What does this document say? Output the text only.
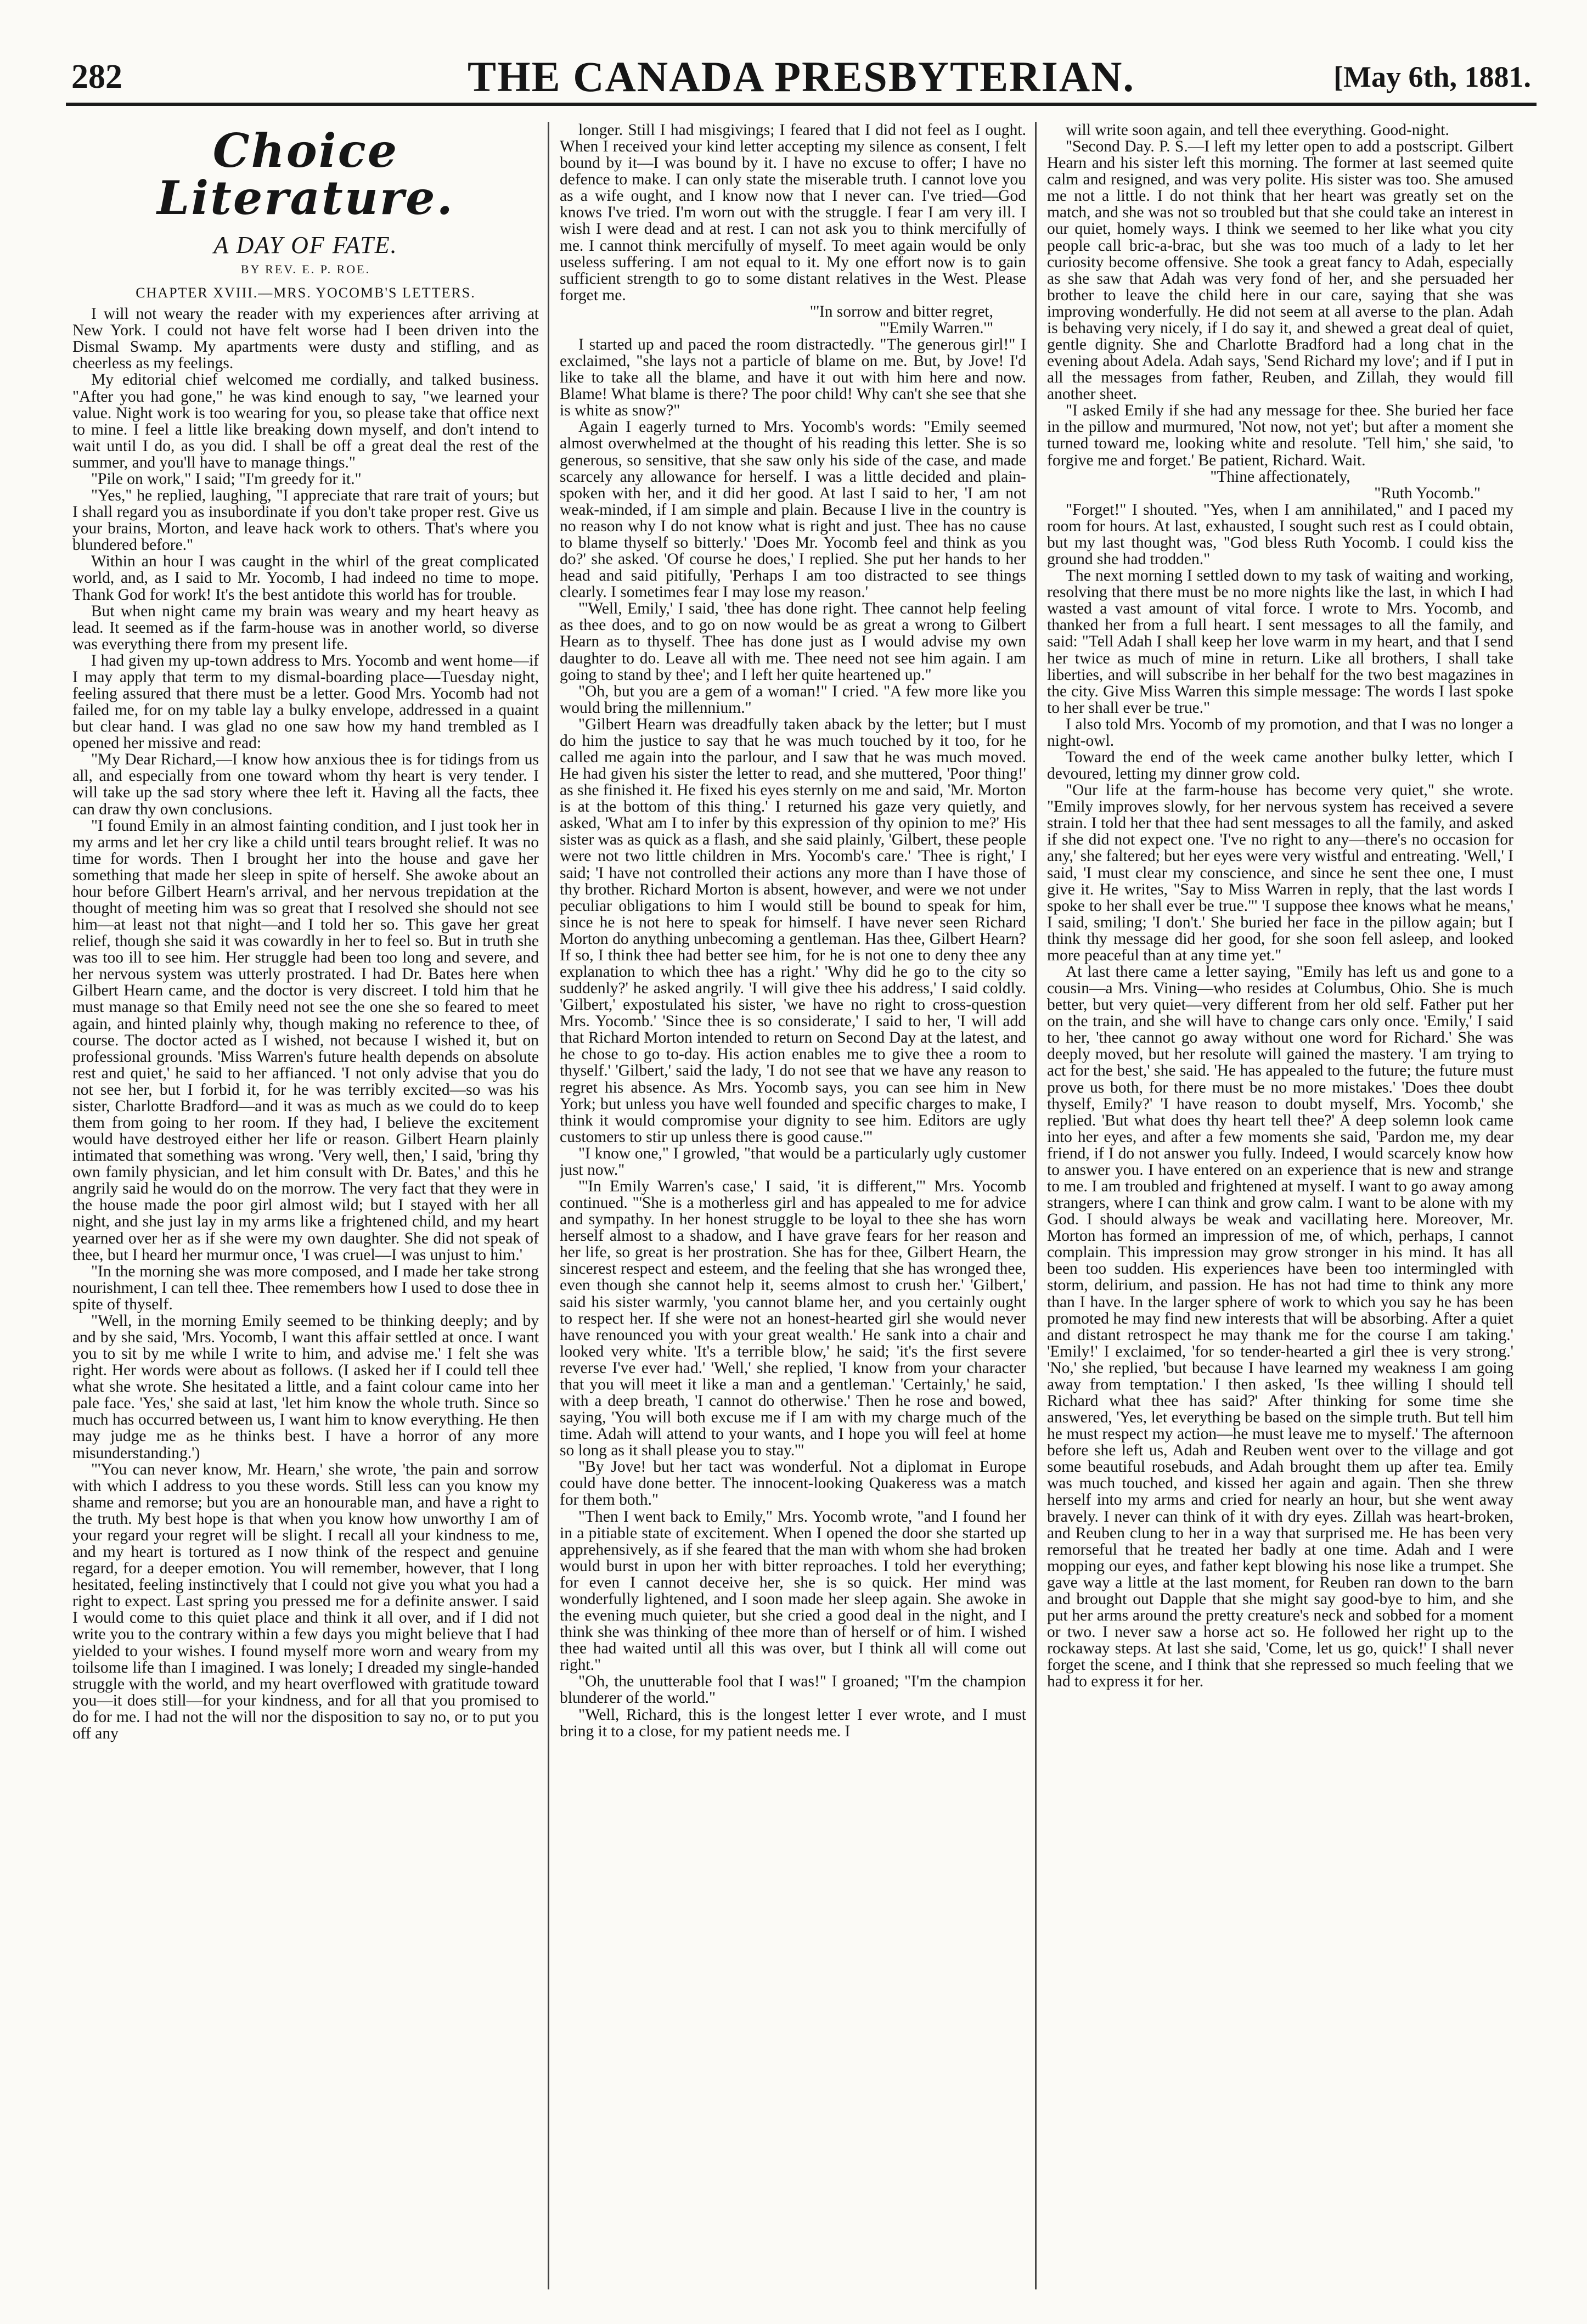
282	THE CANADA PRESBYTERIAN.	[May 6th, 1881.
Choice Literature.
A DAY OF FATE.
BY REV. E. P. ROE.
CHAPTER XVIII.—MRS. YOCOMB'S LETTERS.

I will not weary the reader with my experiences after arriving at New York. I could not have felt worse had I been driven into the Dismal Swamp. My apartments were dusty and stifling, and as cheerless as my feelings.

My editorial chief welcomed me cordially, and talked business. "After you had gone," he was kind enough to say, "we learned your value. Night work is too wearing for you, so please take that office next to mine. I feel a little like breaking down myself, and don't intend to wait until I do, as you did. I shall be off a great deal the rest of the summer, and you'll have to manage things."

"Pile on work," I said; "I'm greedy for it."

"Yes," he replied, laughing, "I appreciate that rare trait of yours; but I shall regard you as insubordinate if you don't take proper rest. Give us your brains, Morton, and leave hack work to others. That's where you blundered before."

Within an hour I was caught in the whirl of the great complicated world, and, as I said to Mr. Yocomb, I had indeed no time to mope. Thank God for work! It's the best antidote this world has for trouble.

But when night came my brain was weary and my heart heavy as lead. It seemed as if the farm-house was in another world, so diverse was everything there from my present life.

I had given my up-town address to Mrs. Yocomb and went home—if I may apply that term to my dismal-boarding place—Tuesday night, feeling assured that there must be a letter. Good Mrs. Yocomb had not failed me, for on my table lay a bulky envelope, addressed in a quaint but clear hand. I was glad no one saw how my hand trembled as I opened her missive and read:

"My Dear Richard,—I know how anxious thee is for tidings from us all, and especially from one toward whom thy heart is very tender. I will take up the sad story where thee left it. Having all the facts, thee can draw thy own conclusions.

"I found Emily in an almost fainting condition, and I just took her in my arms and let her cry like a child until tears brought relief. It was no time for words. Then I brought her into the house and gave her something that made her sleep in spite of herself. She awoke about an hour before Gilbert Hearn's arrival, and her nervous trepidation at the thought of meeting him was so great that I resolved she should not see him—at least not that night—and I told her so. This gave her great relief, though she said it was cowardly in her to feel so. But in truth she was too ill to see him. Her struggle had been too long and severe, and her nervous system was utterly prostrated. I had Dr. Bates here when Gilbert Hearn came, and the doctor is very discreet. I told him that he must manage so that Emily need not see the one she so feared to meet again, and hinted plainly why, though making no reference to thee, of course. The doctor acted as I wished, not because I wished it, but on professional grounds. 'Miss Warren's future health depends on absolute rest and quiet,' he said to her affianced. 'I not only advise that you do not see her, but I forbid it, for he was terribly excited—so was his sister, Charlotte Bradford—and it was as much as we could do to keep them from going to her room. If they had, I believe the excitement would have destroyed either her life or reason. Gilbert Hearn plainly intimated that something was wrong. 'Very well, then,' I said, 'bring thy own family physician, and let him consult with Dr. Bates,' and this he angrily said he would do on the morrow. The very fact that they were in the house made the poor girl almost wild; but I stayed with her all night, and she just lay in my arms like a frightened child, and my heart yearned over her as if she were my own daughter. She did not speak of thee, but I heard her murmur once, 'I was cruel—I was unjust to him.'

"In the morning she was more composed, and I made her take strong nourishment, I can tell thee. Thee remembers how I used to dose thee in spite of thyself.

"Well, in the morning Emily seemed to be thinking deeply; and by and by she said, 'Mrs. Yocomb, I want this affair settled at once. I want you to sit by me while I write to him, and advise me.' I felt she was right. Her words were about as follows. (I asked her if I could tell thee what she wrote. She hesitated a little, and a faint colour came into her pale face. 'Yes,' she said at last, 'let him know the whole truth. Since so much has occurred between us, I want him to know everything. He then may judge me as he thinks best. I have a horror of any more misunderstanding.')

"'You can never know, Mr. Hearn,' she wrote, 'the pain and sorrow with which I address to you these words. Still less can you know my shame and remorse; but you are an honourable man, and have a right to the truth. My best hope is that when you know how unworthy I am of your regard your regret will be slight. I recall all your kindness to me, and my heart is tortured as I now think of the respect and genuine regard, for a deeper emotion. You will remember, however, that I long hesitated, feeling instinctively that I could not give you what you had a right to expect. Last spring you pressed me for a definite answer. I said I would come to this quiet place and think it all over, and if I did not write you to the contrary within a few days you might believe that I had yielded to your wishes. I found myself more worn and weary from my toilsome life than I imagined. I was lonely; I dreaded my single-handed struggle with the world, and my heart overflowed with gratitude toward you—it does still—for your kindness, and for all that you promised to do for me. I had not the will nor the disposition to say no, or to put you off any

longer. Still I had misgivings; I feared that I did not feel as I ought. When I received your kind letter accepting my silence as consent, I felt bound by it—I was bound by it. I have no excuse to offer; I have no defence to make. I can only state the miserable truth. I cannot love you as a wife ought, and I know now that I never can. I've tried—God knows I've tried. I'm worn out with the struggle. I fear I am very ill. I wish I were dead and at rest. I can not ask you to think mercifully of me. I cannot think mercifully of myself. To meet again would be only useless suffering. I am not equal to it. My one effort now is to gain sufficient strength to go to some distant relatives in the West. Please forget me.

"'In sorrow and bitter regret,

"'Emily Warren.'"

I started up and paced the room distractedly. "The generous girl!" I exclaimed, "she lays not a particle of blame on me. But, by Jove! I'd like to take all the blame, and have it out with him here and now. Blame! What blame is there? The poor child! Why can't she see that she is white as snow?"

Again I eagerly turned to Mrs. Yocomb's words: "Emily seemed almost overwhelmed at the thought of his reading this letter. She is so generous, so sensitive, that she saw only his side of the case, and made scarcely any allowance for herself. I was a little decided and plain-spoken with her, and it did her good. At last I said to her, 'I am not weak-minded, if I am simple and plain. Because I live in the country is no reason why I do not know what is right and just. Thee has no cause to blame thyself so bitterly.' 'Does Mr. Yocomb feel and think as you do?' she asked. 'Of course he does,' I replied. She put her hands to her head and said pitifully, 'Perhaps I am too distracted to see things clearly. I sometimes fear I may lose my reason.'

"'Well, Emily,' I said, 'thee has done right. Thee cannot help feeling as thee does, and to go on now would be as great a wrong to Gilbert Hearn as to thyself. Thee has done just as I would advise my own daughter to do. Leave all with me. Thee need not see him again. I am going to stand by thee'; and I left her quite heartened up."

"Oh, but you are a gem of a woman!" I cried. "A few more like you would bring the millennium."

"Gilbert Hearn was dreadfully taken aback by the letter; but I must do him the justice to say that he was much touched by it too, for he called me again into the parlour, and I saw that he was much moved. He had given his sister the letter to read, and she muttered, 'Poor thing!' as she finished it. He fixed his eyes sternly on me and said, 'Mr. Morton is at the bottom of this thing.' I returned his gaze very quietly, and asked, 'What am I to infer by this expression of thy opinion to me?' His sister was as quick as a flash, and she said plainly, 'Gilbert, these people were not two little children in Mrs. Yocomb's care.' 'Thee is right,' I said; 'I have not controlled their actions any more than I have those of thy brother. Richard Morton is absent, however, and were we not under peculiar obligations to him I would still be bound to speak for him, since he is not here to speak for himself. I have never seen Richard Morton do anything unbecoming a gentleman. Has thee, Gilbert Hearn? If so, I think thee had better see him, for he is not one to deny thee any explanation to which thee has a right.' 'Why did he go to the city so suddenly?' he asked angrily. 'I will give thee his address,' I said coldly. 'Gilbert,' expostulated his sister, 'we have no right to cross-question Mrs. Yocomb.' 'Since thee is so considerate,' I said to her, 'I will add that Richard Morton intended to return on Second Day at the latest, and he chose to go to-day. His action enables me to give thee a room to thyself.' 'Gilbert,' said the lady, 'I do not see that we have any reason to regret his absence. As Mrs. Yocomb says, you can see him in New York; but unless you have well founded and specific charges to make, I think it would compromise your dignity to see him. Editors are ugly customers to stir up unless there is good cause.'"

"I know one," I growled, "that would be a particularly ugly customer just now."

"'In Emily Warren's case,' I said, 'it is different,'" Mrs. Yocomb continued. "'She is a motherless girl and has appealed to me for advice and sympathy. In her honest struggle to be loyal to thee she has worn herself almost to a shadow, and I have grave fears for her reason and her life, so great is her prostration. She has for thee, Gilbert Hearn, the sincerest respect and esteem, and the feeling that she has wronged thee, even though she cannot help it, seems almost to crush her.' 'Gilbert,' said his sister warmly, 'you cannot blame her, and you certainly ought to respect her. If she were not an honest-hearted girl she would never have renounced you with your great wealth.' He sank into a chair and looked very white. 'It's a terrible blow,' he said; 'it's the first severe reverse I've ever had.' 'Well,' she replied, 'I know from your character that you will meet it like a man and a gentleman.' 'Certainly,' he said, with a deep breath, 'I cannot do otherwise.' Then he rose and bowed, saying, 'You will both excuse me if I am with my charge much of the time. Adah will attend to your wants, and I hope you will feel at home so long as it shall please you to stay.'"

"By Jove! but her tact was wonderful. Not a diplomat in Europe could have done better. The innocent-looking Quakeress was a match for them both."

"Then I went back to Emily," Mrs. Yocomb wrote, "and I found her in a pitiable state of excitement. When I opened the door she started up apprehensively, as if she feared that the man with whom she had broken would burst in upon her with bitter reproaches. I told her everything; for even I cannot deceive her, she is so quick. Her mind was wonderfully lightened, and I soon made her sleep again. She awoke in the evening much quieter, but she cried a good deal in the night, and I think she was thinking of thee more than of herself or of him. I wished thee had waited until all this was over, but I think all will come out right."

"Oh, the unutterable fool that I was!" I groaned; "I'm the champion blunderer of the world."

"Well, Richard, this is the longest letter I ever wrote, and I must bring it to a close, for my patient needs me. I

will write soon again, and tell thee everything. Good-night.

"Second Day. P. S.—I left my letter open to add a postscript. Gilbert Hearn and his sister left this morning. The former at last seemed quite calm and resigned, and was very polite. His sister was too. She amused me not a little. I do not think that her heart was greatly set on the match, and she was not so troubled but that she could take an interest in our quiet, homely ways. I think we seemed to her like what you city people call bric-a-brac, but she was too much of a lady to let her curiosity become offensive. She took a great fancy to Adah, especially as she saw that Adah was very fond of her, and she persuaded her brother to leave the child here in our care, saying that she was improving wonderfully. He did not seem at all averse to the plan. Adah is behaving very nicely, if I do say it, and shewed a great deal of quiet, gentle dignity. She and Charlotte Bradford had a long chat in the evening about Adela. Adah says, 'Send Richard my love'; and if I put in all the messages from father, Reuben, and Zillah, they would fill another sheet.

"I asked Emily if she had any message for thee. She buried her face in the pillow and murmured, 'Not now, not yet'; but after a moment she turned toward me, looking white and resolute. 'Tell him,' she said, 'to forgive me and forget.' Be patient, Richard. Wait.

"Thine affectionately,

"Ruth Yocomb."

"Forget!" I shouted. "Yes, when I am annihilated," and I paced my room for hours. At last, exhausted, I sought such rest as I could obtain, but my last thought was, "God bless Ruth Yocomb. I could kiss the ground she had trodden."

The next morning I settled down to my task of waiting and working, resolving that there must be no more nights like the last, in which I had wasted a vast amount of vital force. I wrote to Mrs. Yocomb, and thanked her from a full heart. I sent messages to all the family, and said: "Tell Adah I shall keep her love warm in my heart, and that I send her twice as much of mine in return. Like all brothers, I shall take liberties, and will subscribe in her behalf for the two best magazines in the city. Give Miss Warren this simple message: The words I last spoke to her shall ever be true."

I also told Mrs. Yocomb of my promotion, and that I was no longer a night-owl.

Toward the end of the week came another bulky letter, which I devoured, letting my dinner grow cold.

"Our life at the farm-house has become very quiet," she wrote. "Emily improves slowly, for her nervous system has received a severe strain. I told her that thee had sent messages to all the family, and asked if she did not expect one. 'I've no right to any—there's no occasion for any,' she faltered; but her eyes were very wistful and entreating. 'Well,' I said, 'I must clear my conscience, and since he sent thee one, I must give it. He writes, "Say to Miss Warren in reply, that the last words I spoke to her shall ever be true."' 'I suppose thee knows what he means,' I said, smiling; 'I don't.' She buried her face in the pillow again; but I think thy message did her good, for she soon fell asleep, and looked more peaceful than at any time yet."

At last there came a letter saying, "Emily has left us and gone to a cousin—a Mrs. Vining—who resides at Columbus, Ohio. She is much better, but very quiet—very different from her old self. Father put her on the train, and she will have to change cars only once. 'Emily,' I said to her, 'thee cannot go away without one word for Richard.' She was deeply moved, but her resolute will gained the mastery. 'I am trying to act for the best,' she said. 'He has appealed to the future; the future must prove us both, for there must be no more mistakes.' 'Does thee doubt thyself, Emily?' 'I have reason to doubt myself, Mrs. Yocomb,' she replied. 'But what does thy heart tell thee?' A deep solemn look came into her eyes, and after a few moments she said, 'Pardon me, my dear friend, if I do not answer you fully. Indeed, I would scarcely know how to answer you. I have entered on an experience that is new and strange to me. I am troubled and frightened at myself. I want to go away among strangers, where I can think and grow calm. I want to be alone with my God. I should always be weak and vacillating here. Moreover, Mr. Morton has formed an impression of me, of which, perhaps, I cannot complain. This impression may grow stronger in his mind. It has all been too sudden. His experiences have been too intermingled with storm, delirium, and passion. He has not had time to think any more than I have. In the larger sphere of work to which you say he has been promoted he may find new interests that will be absorbing. After a quiet and distant retrospect he may thank me for the course I am taking.' 'Emily!' I exclaimed, 'for so tender-hearted a girl thee is very strong.' 'No,' she replied, 'but because I have learned my weakness I am going away from temptation.' I then asked, 'Is thee willing I should tell Richard what thee has said?' After thinking for some time she answered, 'Yes, let everything be based on the simple truth. But tell him he must respect my action—he must leave me to myself.' The afternoon before she left us, Adah and Reuben went over to the village and got some beautiful rosebuds, and Adah brought them up after tea. Emily was much touched, and kissed her again and again. Then she threw herself into my arms and cried for nearly an hour, but she went away bravely. I never can think of it with dry eyes. Zillah was heart-broken, and Reuben clung to her in a way that surprised me. He has been very remorseful that he treated her badly at one time. Adah and I were mopping our eyes, and father kept blowing his nose like a trumpet. She gave way a little at the last moment, for Reuben ran down to the barn and brought out Dapple that she might say good-bye to him, and she put her arms around the pretty creature's neck and sobbed for a moment or two. I never saw a horse act so. He followed her right up to the rockaway steps. At last she said, 'Come, let us go, quick!' I shall never forget the scene, and I think that she repressed so much feeling that we had to express it for her.
